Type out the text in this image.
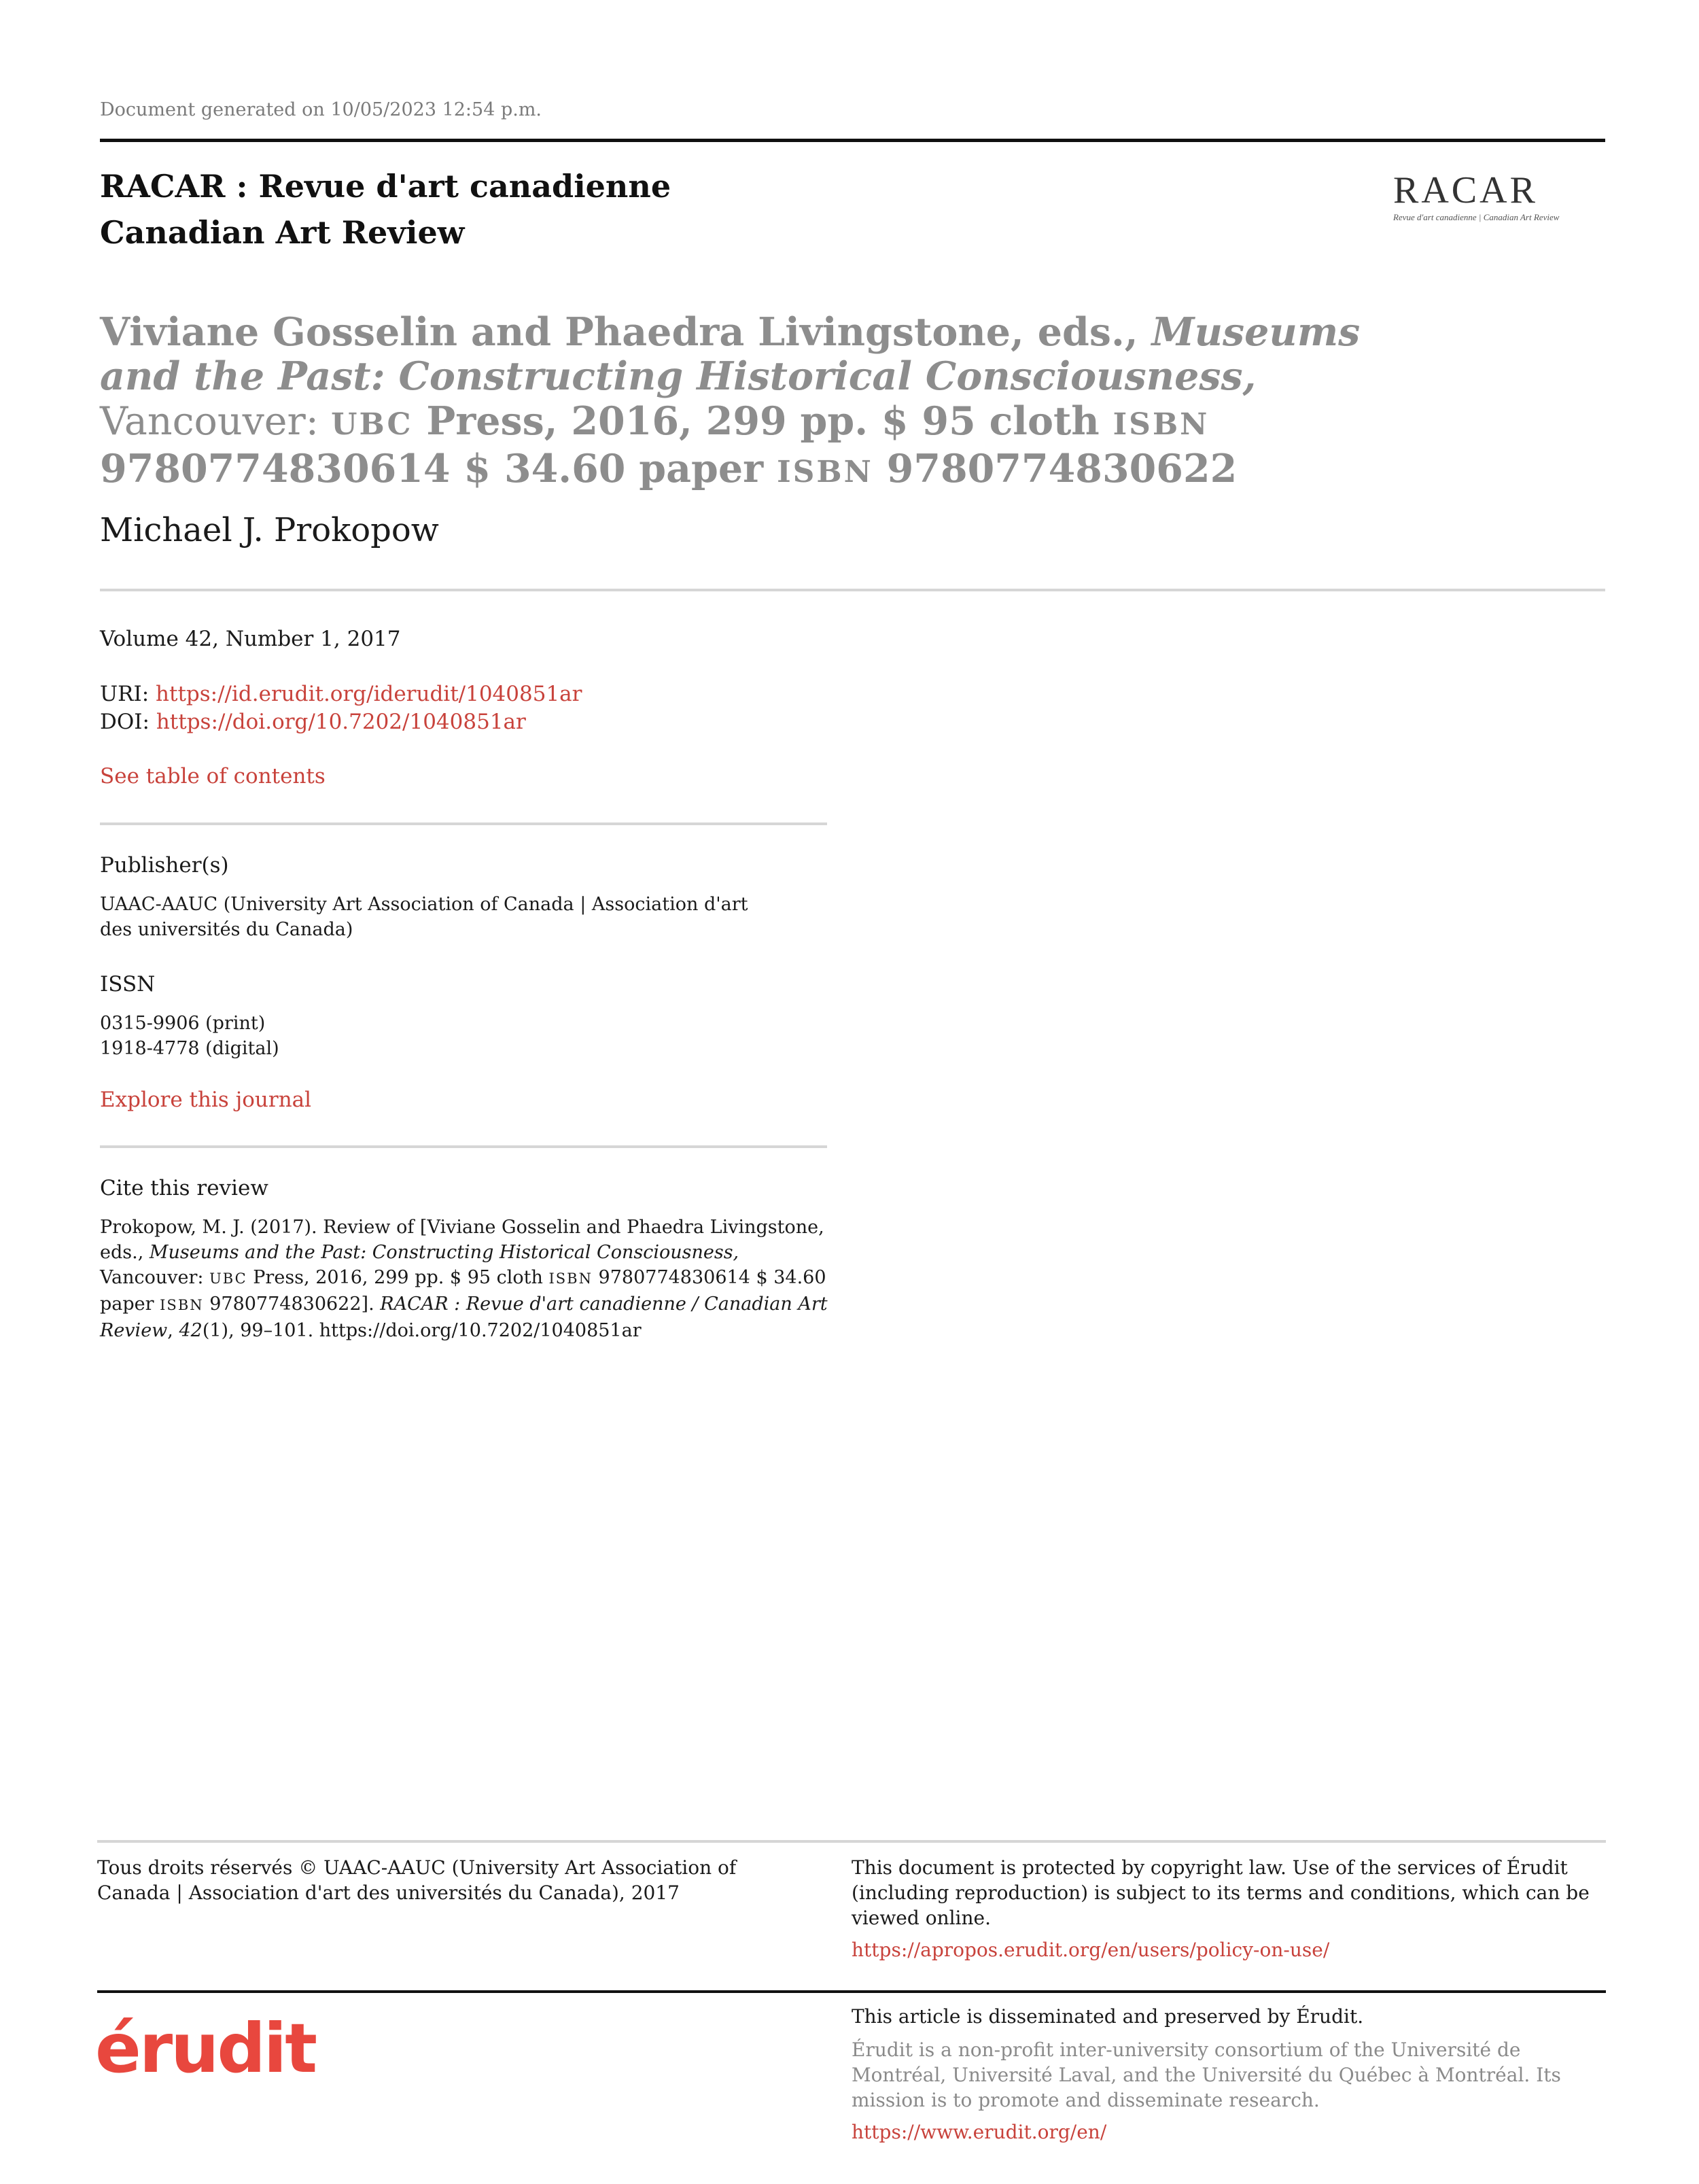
Document generated on 10/05/2023 12:54 p.m.
RACAR : Revue d'art canadienne
Canadian Art Review
RACAR
Revue d'art canadienne | Canadian Art Review
Viviane Gosselin and Phaedra Livingstone, eds., Museums and the Past: Constructing Historical Consciousness, Vancouver: UBC Press, 2016, 299 pp. $ 95 cloth ISBN 9780774830614 $ 34.60 paper ISBN 9780774830622
Michael J. Prokopow
Volume 42, Number 1, 2017
URI: https://id.erudit.org/iderudit/1040851ar
DOI: https://doi.org/10.7202/1040851ar
See table of contents
Publisher(s)
UAAC-AAUC (University Art Association of Canada | Association d'art des universités du Canada)
ISSN
0315-9906 (print)
1918-4778 (digital)
Explore this journal
Cite this review
Prokopow, M. J. (2017). Review of [Viviane Gosselin and Phaedra Livingstone, eds., Museums and the Past: Constructing Historical Consciousness, Vancouver: UBC Press, 2016, 299 pp. $ 95 cloth ISBN 9780774830614 $ 34.60 paper ISBN 9780774830622]. RACAR : Revue d'art canadienne / Canadian Art Review, 42(1), 99–101. https://doi.org/10.7202/1040851ar
Tous droits réservés © UAAC-AAUC (University Art Association of Canada | Association d'art des universités du Canada), 2017
This document is protected by copyright law. Use of the services of Érudit (including reproduction) is subject to its terms and conditions, which can be viewed online.
https://apropos.erudit.org/en/users/policy-on-use/
érudit	This article is disseminated and preserved by Érudit.
Érudit is a non-profit inter-university consortium of the Université de Montréal, Université Laval, and the Université du Québec à Montréal. Its mission is to promote and disseminate research.
https://www.erudit.org/en/
